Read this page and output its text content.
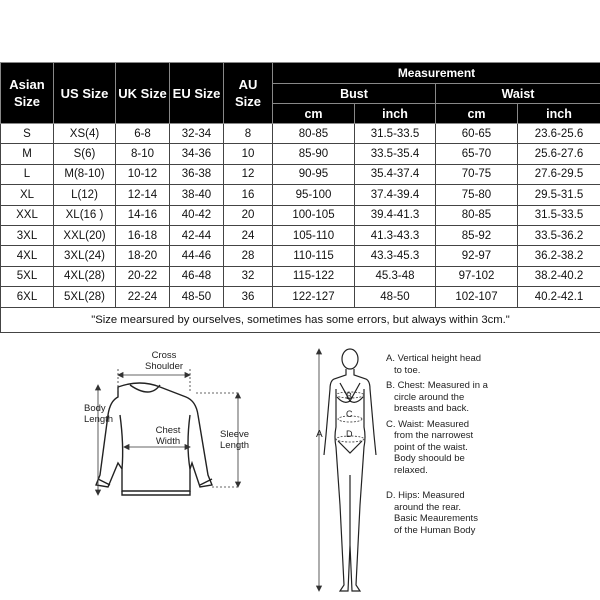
Asian Size	US Size	UK Size	EU Size	AU Size	Measurement			
					Bust		Waist	
					cm	inch	cm	inch
S	XS(4)	6-8	32-34	8	80-85	31.5-33.5	60-65	23.6-25.6
M	S(6)	8-10	34-36	10	85-90	33.5-35.4	65-70	25.6-27.6
L	M(8-10)	10-12	36-38	12	90-95	35.4-37.4	70-75	27.6-29.5
XL	L(12)	12-14	38-40	16	95-100	37.4-39.4	75-80	29.5-31.5
XXL	XL(16 )	14-16	40-42	20	100-105	39.4-41.3	80-85	31.5-33.5
3XL	XXL(20)	16-18	42-44	24	105-110	41.3-43.3	85-92	33.5-36.2
4XL	3XL(24)	18-20	44-46	28	110-115	43.3-45.3	92-97	36.2-38.2
5XL	4XL(28)	20-22	46-48	32	115-122	45.3-48	97-102	38.2-40.2
6XL	5XL(28)	22-24	48-50	36	122-127	48-50	102-107	40.2-42.1
"Size mearsured by ourselves, sometimes has some errors, but always within 3cm."								
Cross
Shoulder
Body
Length
Chest
Width
Sleeve
Length
A
B
C
D
A. Vertical height head
to toe.
B. Chest: Measured in a
circle around the
breasts and back.
C. Waist: Measured
from the narrowest
point of the waist.
Body shoould be
relaxed.
D. Hips: Measured
around the rear.
Basic Meaurements
of the Human Body
